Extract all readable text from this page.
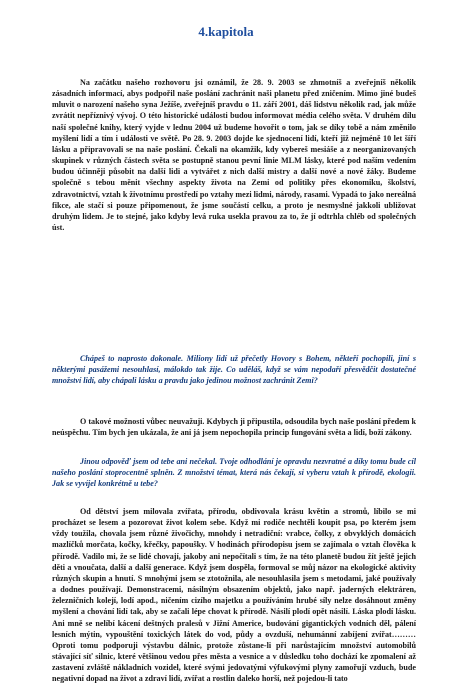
4.kapitola

Na začátku našeho rozhovoru jsi oznámil, že 28. 9. 2003 se zhmotníš a zveřejníš několik zásadních informací, abys podpořil naše poslání zachránit naši planetu před zničením. Mimo jiné budeš mluvit o narození našeho syna Ježíše, zveřejníš pravdu o 11. září 2001, dáš lidstvu několik rad, jak může zvrátit nepříznivý vývoj. O této historické události budou informovat média celého světa. V druhém dílu naší společné knihy, který vyjde v lednu 2004 už budeme hovořit o tom, jak se díky tobě a nám změnilo myšlení lidí a tím i události ve světě. Po 28. 9. 2003 dojde ke sjednocení lidí, kteří již nejméně 10 let šíří lásku a připravovali se na naše poslání. Čekali na okamžik, kdy vybereš mesiáše a z neorganizovaných skupinek v různých částech světa se postupně stanou pevní linie MLM lásky, které pod naším vedením budou účinněji působit na další lidi a vytvářet z nich další mistry a další nové a nové žáky. Budeme společně s tebou měnit všechny aspekty života na Zemi od politiky přes ekonomiku, školství, zdravotnictví, vztah k životnímu prostředí po vztahy mezi lidmi, národy, rasami. Vypadá to jako nereálná fikce, ale stačí si pouze připomenout, že jsme součástí celku, a proto je nesmyslné jakkoli ubližovat druhým lidem. Je to stejné, jako kdyby levá ruka usekla pravou za to, že jí odtrhla chléb od společných úst.

Chápeš to naprosto dokonale. Miliony lidí už přečetly Hovory s Bohem, někteří pochopili, jiní s některými pasážemi nesouhlasí, málokdo tak žije. Co uděláš, když se vám nepodaří přesvědčit dostatečné množství lidí, aby chápali lásku a pravdu jako jedinou možnost zachránit Zemi?

O takové možnosti vůbec neuvažuji. Kdybych ji připustila, odsoudila bych naše poslání předem k neúspěchu. Tím bych jen ukázala, že ani já jsem nepochopila princip fungování světa a lidí, boží zákony.

Jinou odpověď jsem od tebe ani nečekal. Tvoje odhodlání je opravdu nezvratné a díky tomu bude cíl našeho poslání stoprocentně splněn. Z množství témat, která nás čekají, si vyberu vztah k přírodě, ekologii. Jak se vyvíjel konkrétně u tebe?

Od dětství jsem milovala zvířata, přírodu, obdivovala krásu květin a stromů, líbilo se mi procházet se lesem a pozorovat život kolem sebe. Když mi rodiče nechtěli koupit psa, po kterém jsem vždy toužila, chovala jsem různé živočichy, mnohdy i netradiční: vrabce, čolky, z obvyklých domácích mazlíčků morčata, kočky, křečky, papoušky. V hodinách přírodopisu jsem se zajímala o vztah člověka k přírodě. Vadilo mi, že se lidé chovají, jakoby ani nepočítali s tím, že na této planetě budou žít ještě jejich děti a vnoučata, další a další generace. Když jsem dospěla, formoval se můj názor na ekologické aktivity různých skupin a hnutí. S mnohými jsem se ztotožnila, ale nesouhlasila jsem s metodami, jaké používaly a dodnes používají. Demonstracemi, násilným obsazením objektů, jako např. jaderných elektráren, železničních kolejí, lodí apod., ničením cizího majetku a používáním hrubé síly nelze dosáhnout změny myšlení a chování lidí tak, aby se začali lépe chovat k přírodě. Násilí plodí opět násilí. Láska plodí lásku. Ani mně se nelíbí kácení deštných pralesů v Jižní Americe, budování gigantických vodních děl, pálení lesních mýtin, vypouštění toxických látek do vod, půdy a ovzduší, nehumánní zabíjení zvířat……… Oproti tomu podporuji výstavbu dálnic, protože zůstane-li při narůstajícím množství automobilů stávající síť silnic, které většinou vedou přes města a vesnice a v důsledku toho dochází ke zpomalení až zastavení zvláště nákladních vozidel, které svými jedovatými výfukovými plyny zamořují vzduch, bude negativní dopad na život a zdraví lidí, zvířat a rostlin daleko horší, než pojedou-li tato
